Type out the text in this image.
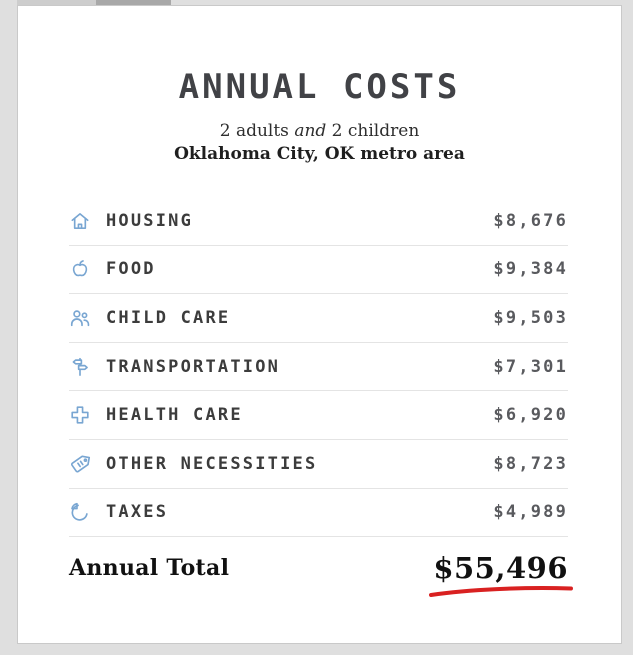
ANNUAL COSTS
2 adults and 2 children
Oklahoma City, OK metro area
HOUSING	$8,676
FOOD	$9,384
CHILD CARE	$9,503
TRANSPORTATION	$7,301
HEALTH CARE	$6,920
OTHER NECESSITIES	$8,723
TAXES	$4,989
Annual Total	$55,496
